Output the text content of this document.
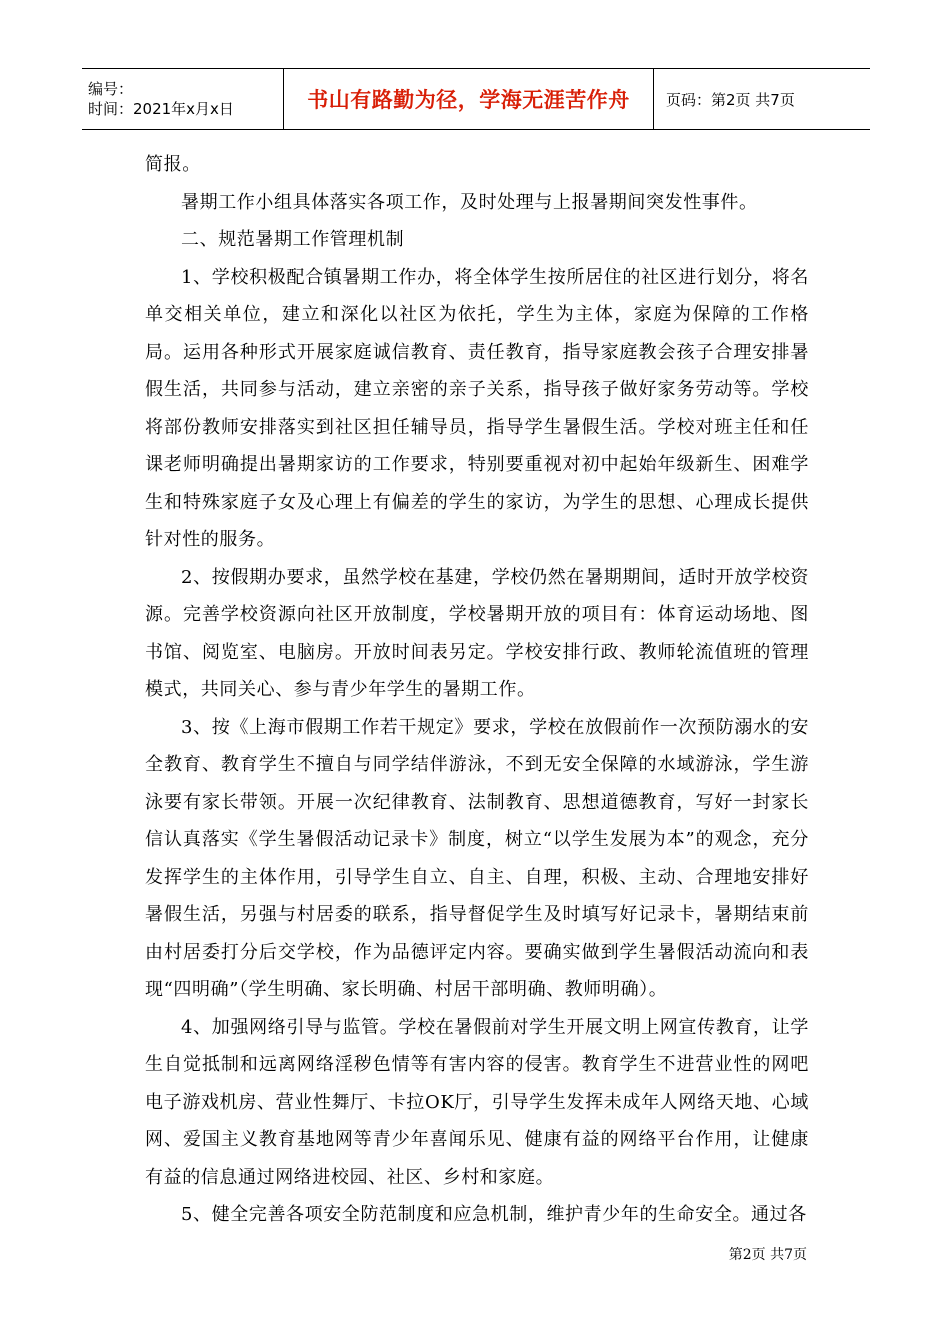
编号：
时间：2021年x月x日	书山有路勤为径，学海无涯苦作舟 页码：第2页 共7页

简报。

暑期工作小组具体落实各项工作，及时处理与上报暑期间突发性事件。

二、规范暑期工作管理机制

1、学校积极配合镇暑期工作办，将全体学生按所居住的社区进行划分，将名单交相关单位，建立和深化以社区为依托，学生为主体，家庭为保障的工作格局。运用各种形式开展家庭诚信教育、责任教育，指导家庭教会孩子合理安排暑假生活，共同参与活动，建立亲密的亲子关系，指导孩子做好家务劳动等。学校将部份教师安排落实到社区担任辅导员，指导学生暑假生活。学校对班主任和任课老师明确提出暑期家访的工作要求，特别要重视对初中起始年级新生、困难学生和特殊家庭子女及心理上有偏差的学生的家访，为学生的思想、心理成长提供针对性的服务。

2、按假期办要求，虽然学校在基建，学校仍然在暑期期间，适时开放学校资源。完善学校资源向社区开放制度，学校暑期开放的项目有：体育运动场地、图书馆、阅览室、电脑房。开放时间表另定。学校安排行政、教师轮流值班的管理模式，共同关心、参与青少年学生的暑期工作。

3、按《上海市假期工作若干规定》要求，学校在放假前作一次预防溺水的安全教育、教育学生不擅自与同学结伴游泳，不到无安全保障的水域游泳，学生游泳要有家长带领。开展一次纪律教育、法制教育、思想道德教育，写好一封家长信认真落实《学生暑假活动记录卡》制度，树立“以学生发展为本”的观念，充分发挥学生的主体作用，引导学生自立、自主、自理，积极、主动、合理地安排好暑假生活，另强与村居委的联系，指导督促学生及时填写好记录卡，暑期结束前由村居委打分后交学校，作为品德评定内容。要确实做到学生暑假活动流向和表现“四明确”（学生明确、家长明确、村居干部明确、教师明确）。

4、加强网络引导与监管。学校在暑假前对学生开展文明上网宣传教育，让学生自觉抵制和远离网络淫秽色情等有害内容的侵害。教育学生不进营业性的网吧电子游戏机房、营业性舞厅、卡拉OK厅，引导学生发挥未成年人网络天地、心域网、爱国主义教育基地网等青少年喜闻乐见、健康有益的网络平台作用，让健康有益的信息通过网络进校园、社区、乡村和家庭。

5、健全完善各项安全防范制度和应急机制，维护青少年的生命安全。通过各

第2页 共7页
